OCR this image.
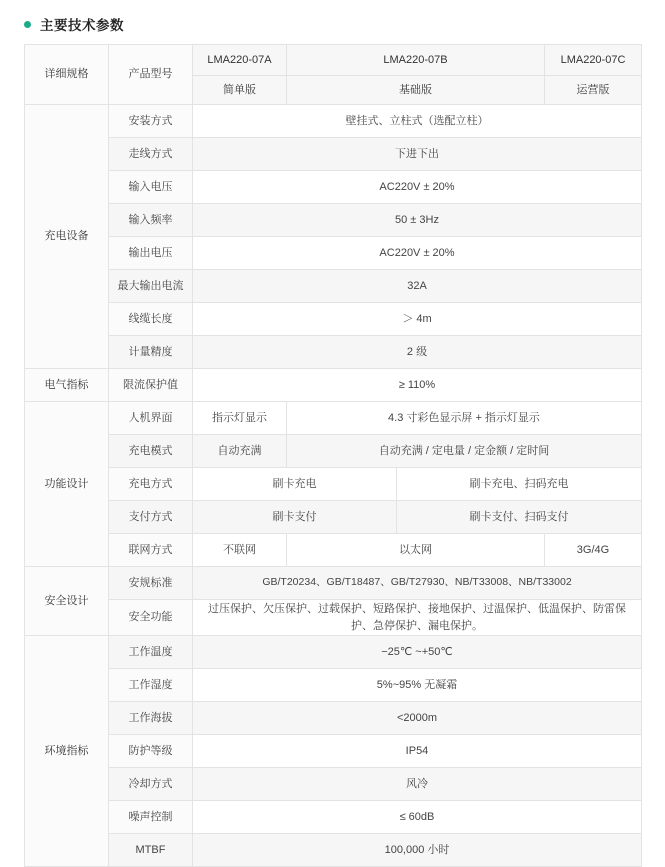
主要技术参数
详细规格	产品型号	LMA220-07A	LMA220-07B		LMA220-07C
		简单版	基础版		运营版
充电设备	安装方式	壁挂式、立柱式（选配立柱）			
	走线方式	下进下出			
	输入电压	AC220V ± 20%			
	输入频率	50 ± 3Hz			
	输出电压	AC220V ± 20%			
	最大输出电流	32A			
	线缆长度	＞ 4m			
	计量精度	2 级			
电气指标	限流保护值	≥ 110%			
功能设计	人机界面	指示灯显示	4.3 寸彩色显示屏 + 指示灯显示		
	充电模式	自动充满	自动充满 / 定电量 / 定金额 / 定时间		
	充电方式	刷卡充电		刷卡充电、扫码充电	
	支付方式	刷卡支付		刷卡支付、扫码支付	
	联网方式	不联网	以太网		3G/4G
安全设计	安规标准	GB/T20234、GB/T18487、GB/T27930、NB/T33008、NB/T33002			
	安全功能	过压保护、欠压保护、过载保护、短路保护、接地保护、过温保护、低温保护、防雷保护、急停保护、漏电保护。			
环境指标	工作温度	−25℃ ~+50℃			
	工作湿度	5%~95% 无凝霜			
	工作海拔	<2000m			
	防护等级	IP54			
	冷却方式	风冷			
	噪声控制	≤ 60dB			
	MTBF	100,000 小时			
